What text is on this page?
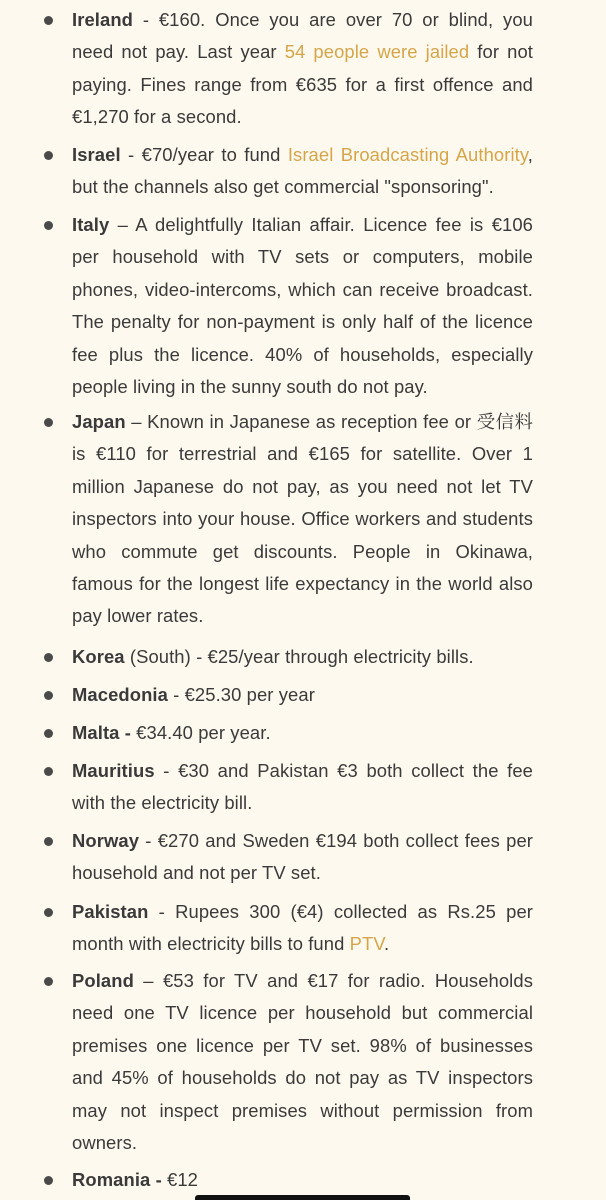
Ireland - €160. Once you are over 70 or blind, you need not pay. Last year 54 people were jailed for not paying. Fines range from €635 for a first offence and €1,270 for a second.
Israel - €70/year to fund Israel Broadcasting Authority, but the channels also get commercial "sponsoring".
Italy – A delightfully Italian affair. Licence fee is €106 per household with TV sets or computers, mobile phones, video-intercoms, which can receive broadcast. The penalty for non-payment is only half of the licence fee plus the licence. 40% of households, especially people living in the sunny south do not pay.
Japan – Known in Japanese as reception fee or 受信料 is €110 for terrestrial and €165 for satellite. Over 1 million Japanese do not pay, as you need not let TV inspectors into your house. Office workers and students who commute get discounts. People in Okinawa, famous for the longest life expectancy in the world also pay lower rates.
Korea (South) - €25/year through electricity bills.
Macedonia - €25.30 per year
Malta - €34.40 per year.
Mauritius - €30 and Pakistan €3 both collect the fee with the electricity bill.
Norway - €270 and Sweden €194 both collect fees per household and not per TV set.
Pakistan - Rupees 300 (€4) collected as Rs.25 per month with electricity bills to fund PTV.
Poland – €53 for TV and €17 for radio. Households need one TV licence per household but commercial premises one licence per TV set. 98% of businesses and 45% of households do not pay as TV inspectors may not inspect premises without permission from owners.
Romania - €12
